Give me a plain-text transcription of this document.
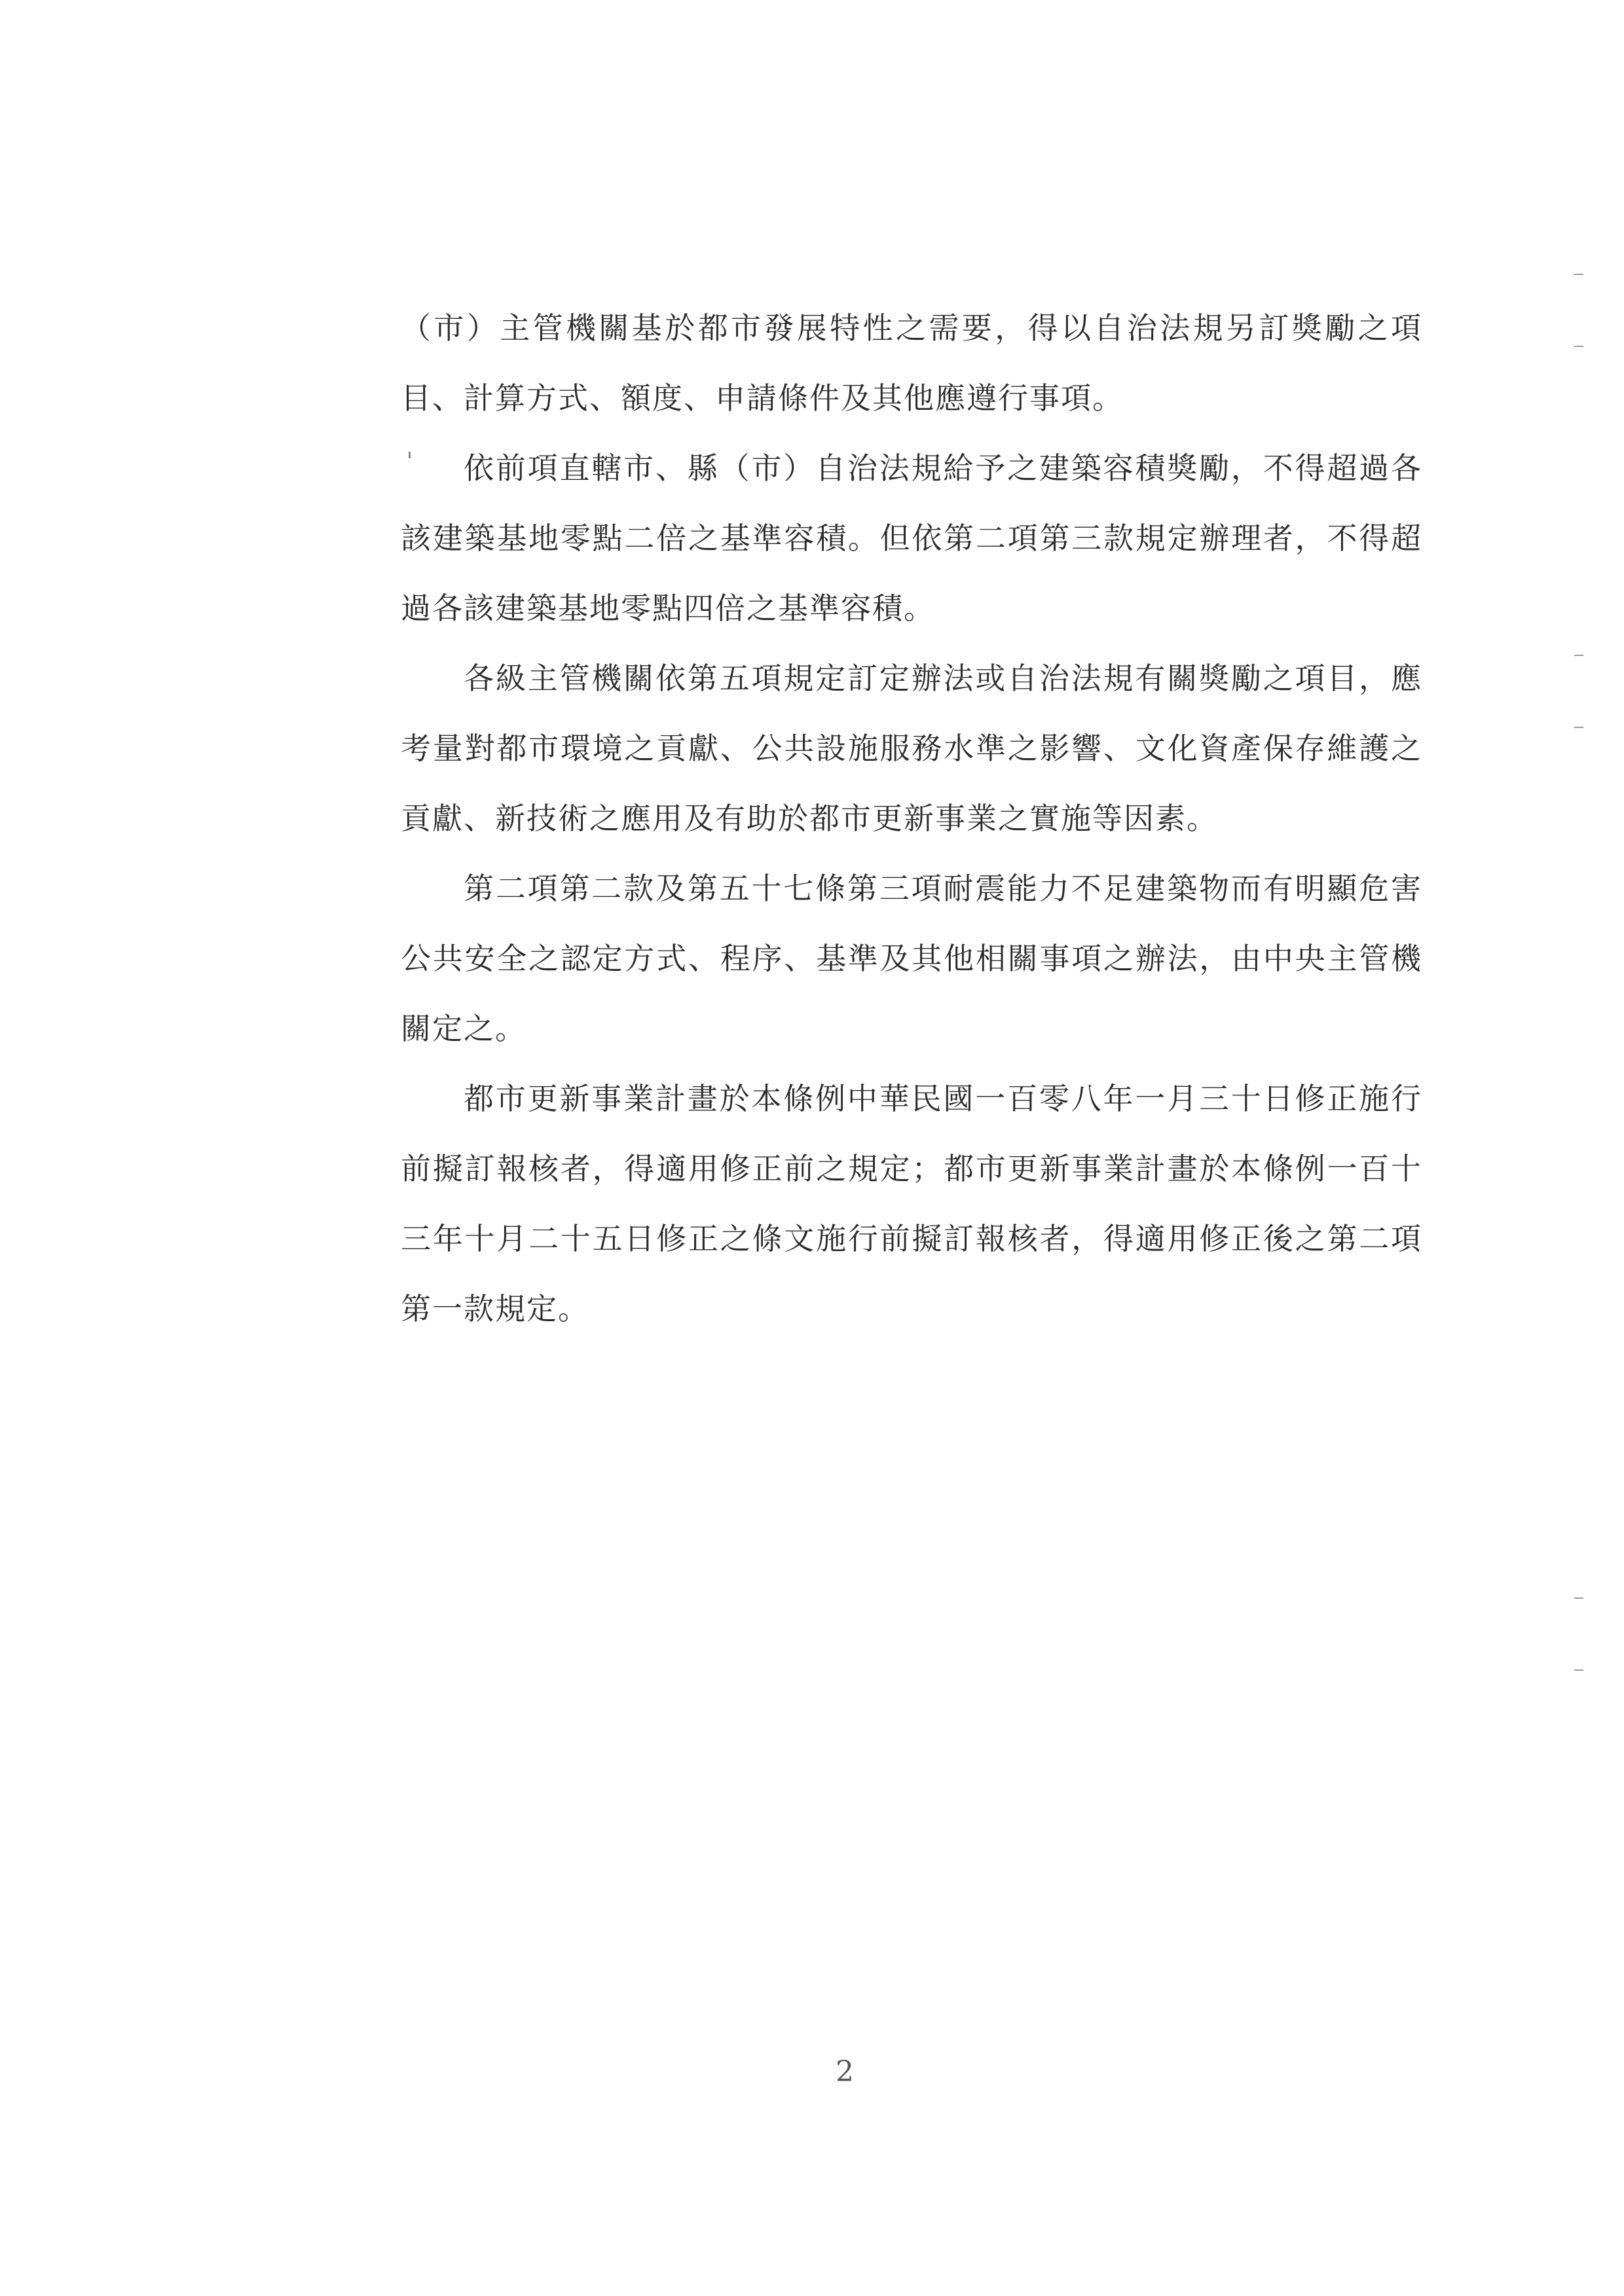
（市）主管機關基於都市發展特性之需要，得以自治法規另訂獎勵之項目、計算方式、額度、申請條件及其他應遵行事項。

依前項直轄市、縣（市）自治法規給予之建築容積獎勵，不得超過各該建築基地零點二倍之基準容積。但依第二項第三款規定辦理者，不得超過各該建築基地零點四倍之基準容積。

各級主管機關依第五項規定訂定辦法或自治法規有關獎勵之項目，應考量對都市環境之貢獻、公共設施服務水準之影響、文化資產保存維護之貢獻、新技術之應用及有助於都市更新事業之實施等因素。

第二項第二款及第五十七條第三項耐震能力不足建築物而有明顯危害公共安全之認定方式、程序、基準及其他相關事項之辦法，由中央主管機關定之。

都市更新事業計畫於本條例中華民國一百零八年一月三十日修正施行前擬訂報核者，得適用修正前之規定；都市更新事業計畫於本條例一百十三年十月二十五日修正之條文施行前擬訂報核者，得適用修正後之第二項第一款規定。

2
